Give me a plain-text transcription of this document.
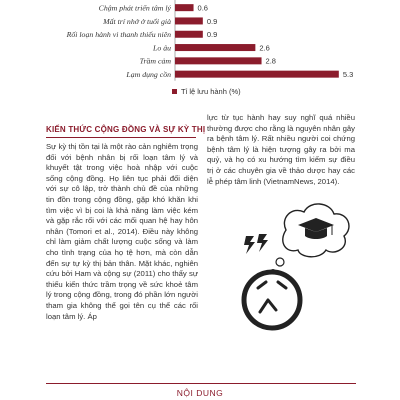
Chậm phát triển tâm lý	0.6
Mất trí nhớ ở tuổi già	0.9
Rối loạn hành vi thanh thiếu niên	0.9
Lo âu	2.6
Trầm cảm	2.8
Lạm dụng cồn	5.3
Tỉ lệ lưu hành (%)
KIẾN THỨC CỘNG ĐỒNG VÀ SỰ KỲ THỊ

Sự kỳ thị tồn tại là một rào cản nghiêm trọng đối với bệnh nhân bị rối loạn tâm lý và khuyết tật trong việc hoà nhập với cuộc sống cộng đồng. Họ liên tục phải đối diện với sự cô lập, trở thành chủ đề của những tin đồn trong cộng đồng, gặp khó khăn khi tìm việc vì bị coi là khả năng làm việc kém và gặp rắc rối với các mối quan hệ hay hôn nhân (Tomori et al., 2014). Điều này không chỉ làm giảm chất lượng cuộc sống và làm cho tình trạng của họ tệ hơn, mà còn dẫn đến sự tự kỳ thị bản thân. Mặt khác, nghiên cứu bởi Ham và cộng sự (2011) cho thấy sự thiếu kiến thức trầm trọng về sức khoẻ tâm lý trong cộng đồng, trong đó phần lớn người tham gia không thể gọi tên cụ thể các rối loạn tâm lý. Áp

lực từ tục hành hay suy nghĩ quá nhiều thường được cho rằng là nguyên nhân gây ra bệnh tâm lý. Rất nhiều người coi chứng bệnh tâm lý là hiện tượng gây ra bởi ma quỷ, và họ có xu hướng tìm kiếm sự điều trị ở các chuyên gia về thảo dược hay các lễ phép tâm linh (VietnamNews, 2014).

NỘI DUNG
